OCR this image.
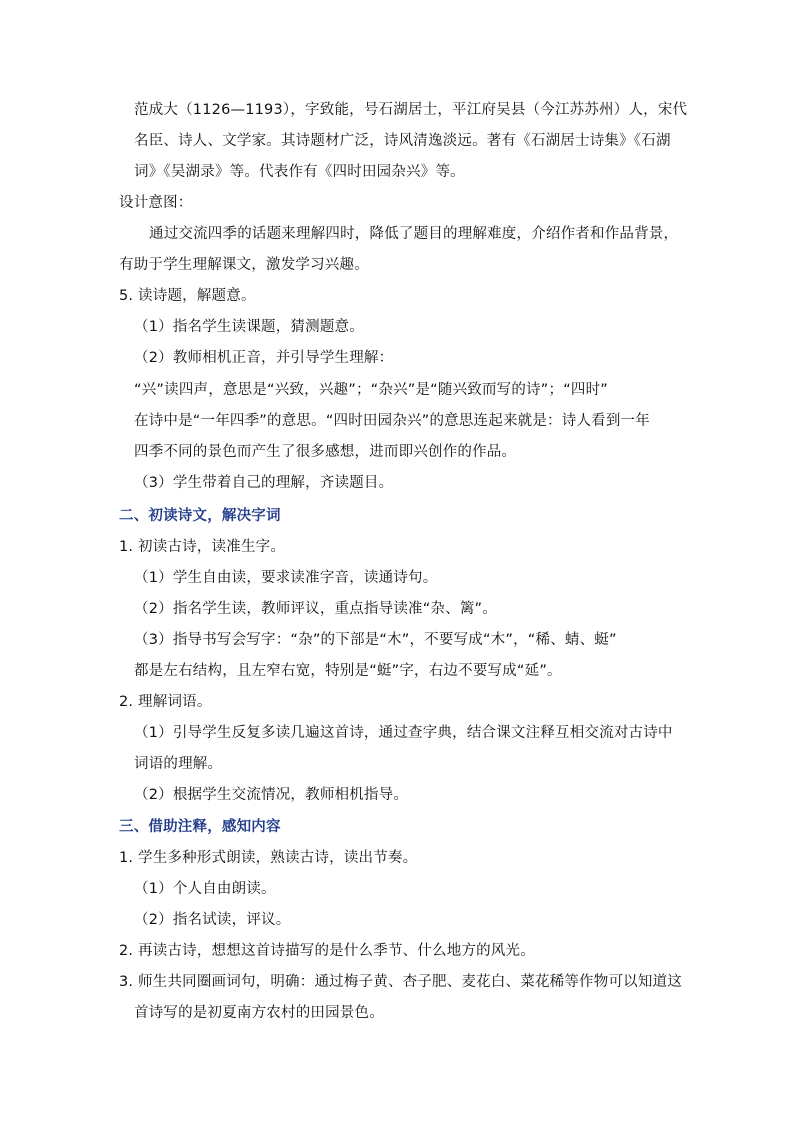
范成大（1126—1193），字致能，号石湖居士，平江府吴县（今江苏苏州）人，宋代
名臣、诗人、文学家。其诗题材广泛，诗风清逸淡远。著有《石湖居士诗集》《石湖
词》《吴湖录》等。代表作有《四时田园杂兴》等。
设计意图：
通过交流四季的话题来理解四时，降低了题目的理解难度，介绍作者和作品背景，
有助于学生理解课文，激发学习兴趣。
5. 读诗题，解题意。
（1）指名学生读课题，猜测题意。
（2）教师相机正音，并引导学生理解：
“兴”读四声，意思是“兴致，兴趣”；“杂兴”是“随兴致而写的诗”；“四时”
在诗中是“一年四季”的意思。“四时田园杂兴”的意思连起来就是：诗人看到一年
四季不同的景色而产生了很多感想，进而即兴创作的作品。
（3）学生带着自己的理解，齐读题目。
二、初读诗文，解决字词
1. 初读古诗，读准生字。
（1）学生自由读，要求读准字音，读通诗句。
（2）指名学生读，教师评议，重点指导读准“杂、篱”。
（3）指导书写会写字：“杂”的下部是“木”，不要写成“木”，“稀、蜻、蜓”
都是左右结构，且左窄右宽，特别是“蜓”字，右边不要写成“延”。
2. 理解词语。
（1）引导学生反复多读几遍这首诗，通过查字典，结合课文注释互相交流对古诗中
词语的理解。
（2）根据学生交流情况，教师相机指导。
三、借助注释，感知内容
1. 学生多种形式朗读，熟读古诗，读出节奏。
（1）个人自由朗读。
（2）指名试读，评议。
2. 再读古诗，想想这首诗描写的是什么季节、什么地方的风光。
3. 师生共同圈画词句，明确：通过梅子黄、杏子肥、麦花白、菜花稀等作物可以知道这
首诗写的是初夏南方农村的田园景色。
